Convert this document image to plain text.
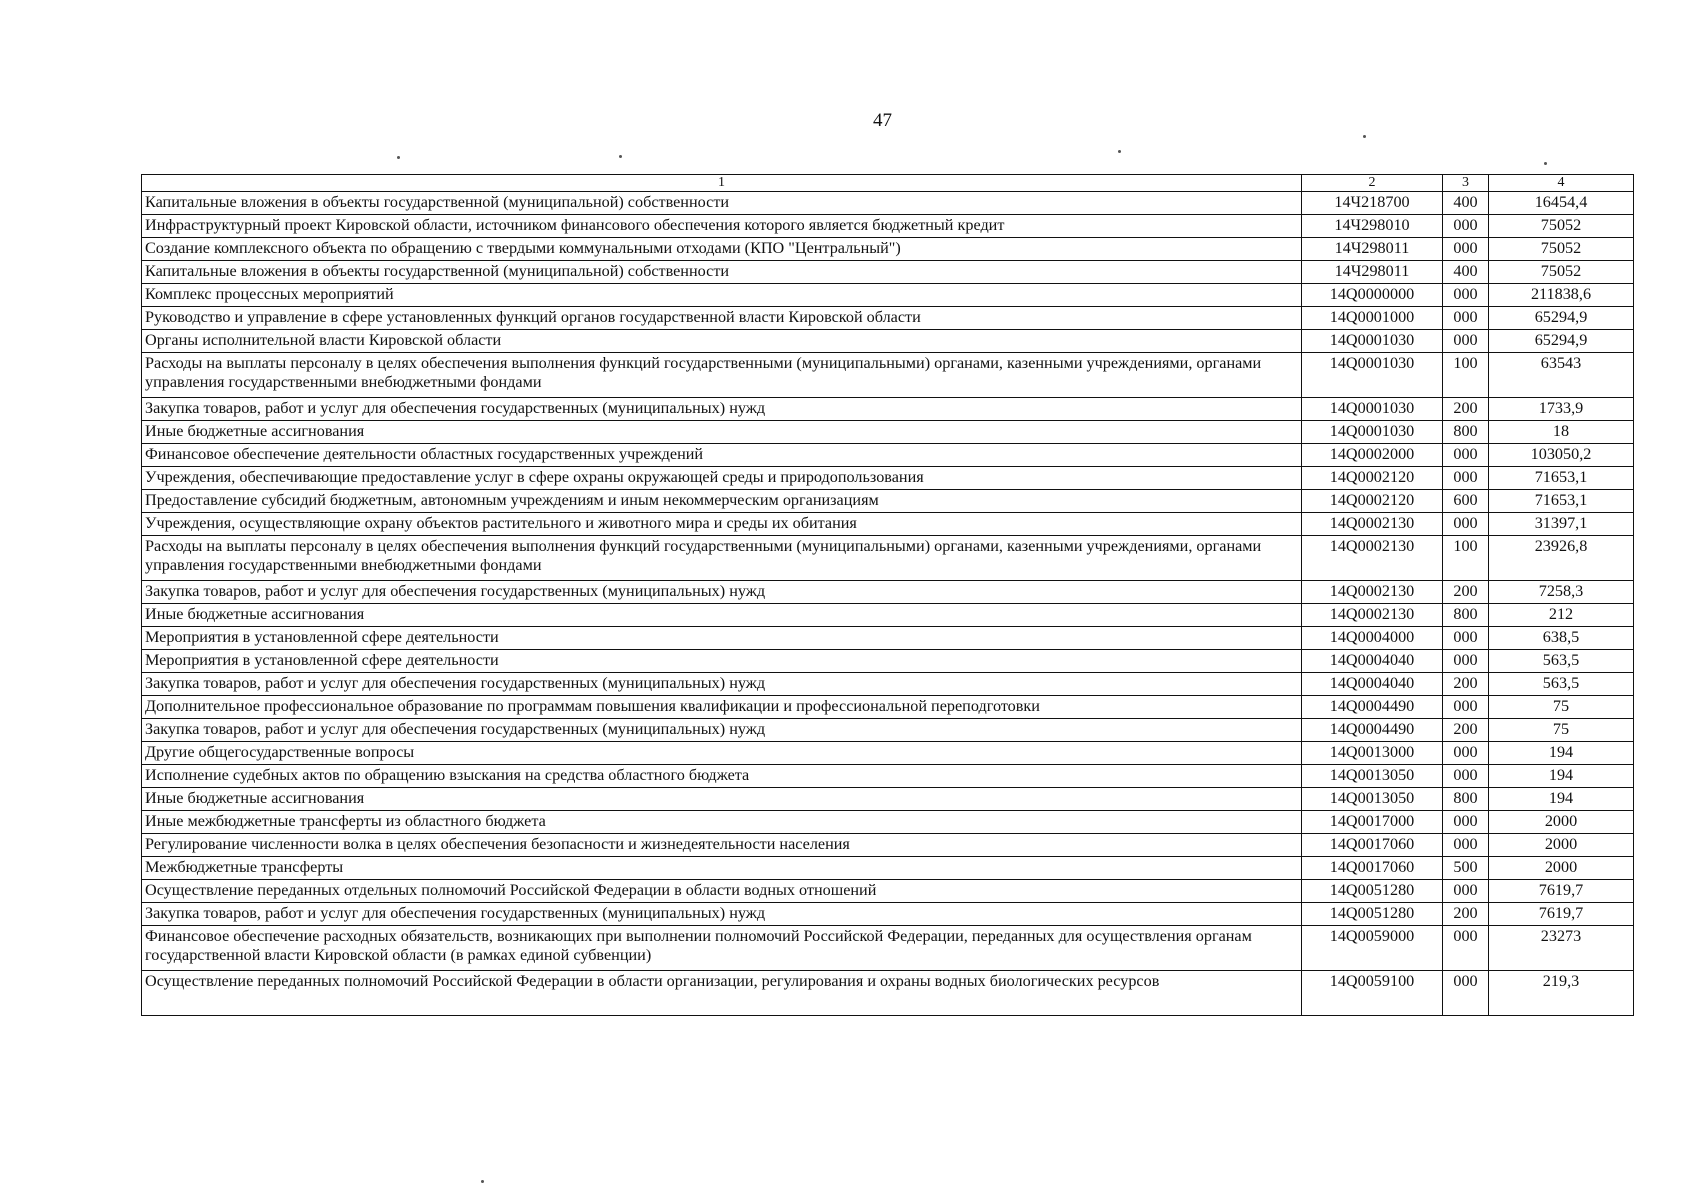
47
1	2	3	4
Капитальные вложения в объекты государственной (муниципальной) собственности	14Ч218700	400	16454,4
Инфраструктурный проект Кировской области, источником финансового обеспечения которого является бюджетный кредит	14Ч298010	000	75052
Создание комплексного объекта по обращению с твердыми коммунальными отходами (КПО "Центральный")	14Ч298011	000	75052
Капитальные вложения в объекты государственной (муниципальной) собственности	14Ч298011	400	75052
Комплекс процессных мероприятий	14Q0000000	000	211838,6
Руководство и управление в сфере установленных функций органов государственной власти Кировской области	14Q0001000	000	65294,9
Органы исполнительной власти Кировской области	14Q0001030	000	65294,9
Расходы на выплаты персоналу в целях обеспечения выполнения функций государственными (муниципальными) органами, казенными учреждениями, органами управления государственными внебюджетными фондами	14Q0001030	100	63543
Закупка товаров, работ и услуг для обеспечения государственных (муниципальных) нужд	14Q0001030	200	1733,9
Иные бюджетные ассигнования	14Q0001030	800	18
Финансовое обеспечение деятельности областных государственных учреждений	14Q0002000	000	103050,2
Учреждения, обеспечивающие предоставление услуг в сфере охраны окружающей среды и природопользования	14Q0002120	000	71653,1
Предоставление субсидий бюджетным, автономным учреждениям и иным некоммерческим организациям	14Q0002120	600	71653,1
Учреждения, осуществляющие охрану объектов растительного и животного мира и среды их обитания	14Q0002130	000	31397,1
Расходы на выплаты персоналу в целях обеспечения выполнения функций государственными (муниципальными) органами, казенными учреждениями, органами управления государственными внебюджетными фондами	14Q0002130	100	23926,8
Закупка товаров, работ и услуг для обеспечения государственных (муниципальных) нужд	14Q0002130	200	7258,3
Иные бюджетные ассигнования	14Q0002130	800	212
Мероприятия в установленной сфере деятельности	14Q0004000	000	638,5
Мероприятия в установленной сфере деятельности	14Q0004040	000	563,5
Закупка товаров, работ и услуг для обеспечения государственных (муниципальных) нужд	14Q0004040	200	563,5
Дополнительное профессиональное образование по программам повышения квалификации и профессиональной переподготовки	14Q0004490	000	75
Закупка товаров, работ и услуг для обеспечения государственных (муниципальных) нужд	14Q0004490	200	75
Другие общегосударственные вопросы	14Q0013000	000	194
Исполнение судебных актов по обращению взыскания на средства областного бюджета	14Q0013050	000	194
Иные бюджетные ассигнования	14Q0013050	800	194
Иные межбюджетные трансферты из областного бюджета	14Q0017000	000	2000
Регулирование численности волка в целях обеспечения безопасности и жизнедеятельности населения	14Q0017060	000	2000
Межбюджетные трансферты	14Q0017060	500	2000
Осуществление переданных отдельных полномочий Российской Федерации в области водных отношений	14Q0051280	000	7619,7
Закупка товаров, работ и услуг для обеспечения государственных (муниципальных) нужд	14Q0051280	200	7619,7
Финансовое обеспечение расходных обязательств, возникающих при выполнении полномочий Российской Федерации, переданных для осуществления органам государственной власти Кировской области (в рамках единой субвенции)	14Q0059000	000	23273
Осуществление переданных полномочий Российской Федерации в области организации, регулирования и охраны водных биологических ресурсов	14Q0059100	000	219,3
